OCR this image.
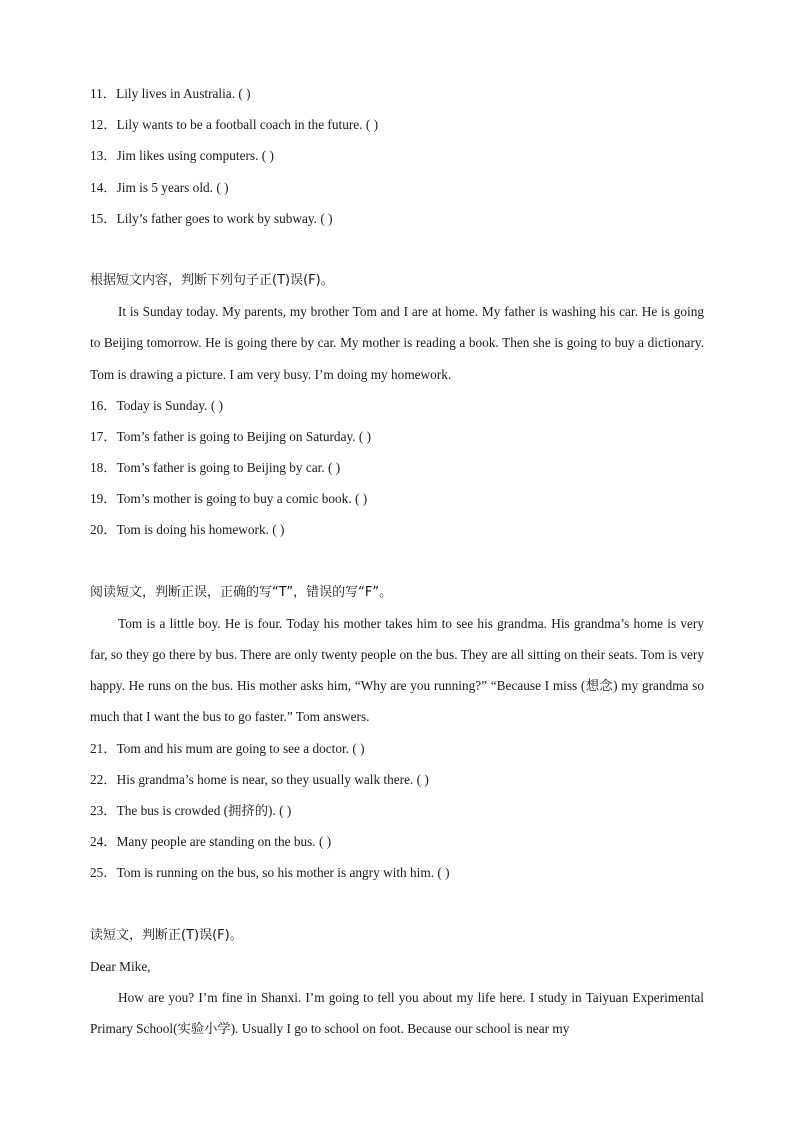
11．Lily lives in Australia. ( )
12．Lily wants to be a football coach in the future. ( )
13．Jim likes using computers. ( )
14．Jim is 5 years old. ( )
15．Lily’s father goes to work by subway. ( )
根据短文内容，判断下列句子正(T)误(F)。
It is Sunday today. My parents, my brother Tom and I are at home. My father is washing his car. He is going to Beijing tomorrow. He is going there by car. My mother is reading a book. Then she is going to buy a dictionary. Tom is drawing a picture. I am very busy. I’m doing my homework.
16．Today is Sunday. ( )
17．Tom’s father is going to Beijing on Saturday. ( )
18．Tom’s father is going to Beijing by car. ( )
19．Tom’s mother is going to buy a comic book. ( )
20．Tom is doing his homework. ( )
阅读短文，判断正误，正确的写“T”，错误的写“F”。
Tom is a little boy. He is four. Today his mother takes him to see his grandma. His grandma’s home is very far, so they go there by bus. There are only twenty people on the bus. They are all sitting on their seats. Tom is very happy. He runs on the bus. His mother asks him, “Why are you running?” “Because I miss (想念) my grandma so much that I want the bus to go faster.” Tom answers.
21．Tom and his mum are going to see a doctor. ( )
22．His grandma’s home is near, so they usually walk there. ( )
23．The bus is crowded (拥挤的). ( )
24．Many people are standing on the bus. ( )
25．Tom is running on the bus, so his mother is angry with him. ( )
读短文，判断正(T)误(F)。
Dear Mike,
How are you? I’m fine in Shanxi. I’m going to tell you about my life here. I study in Taiyuan Experimental Primary School(实验小学). Usually I go to school on foot. Because our school is near my
